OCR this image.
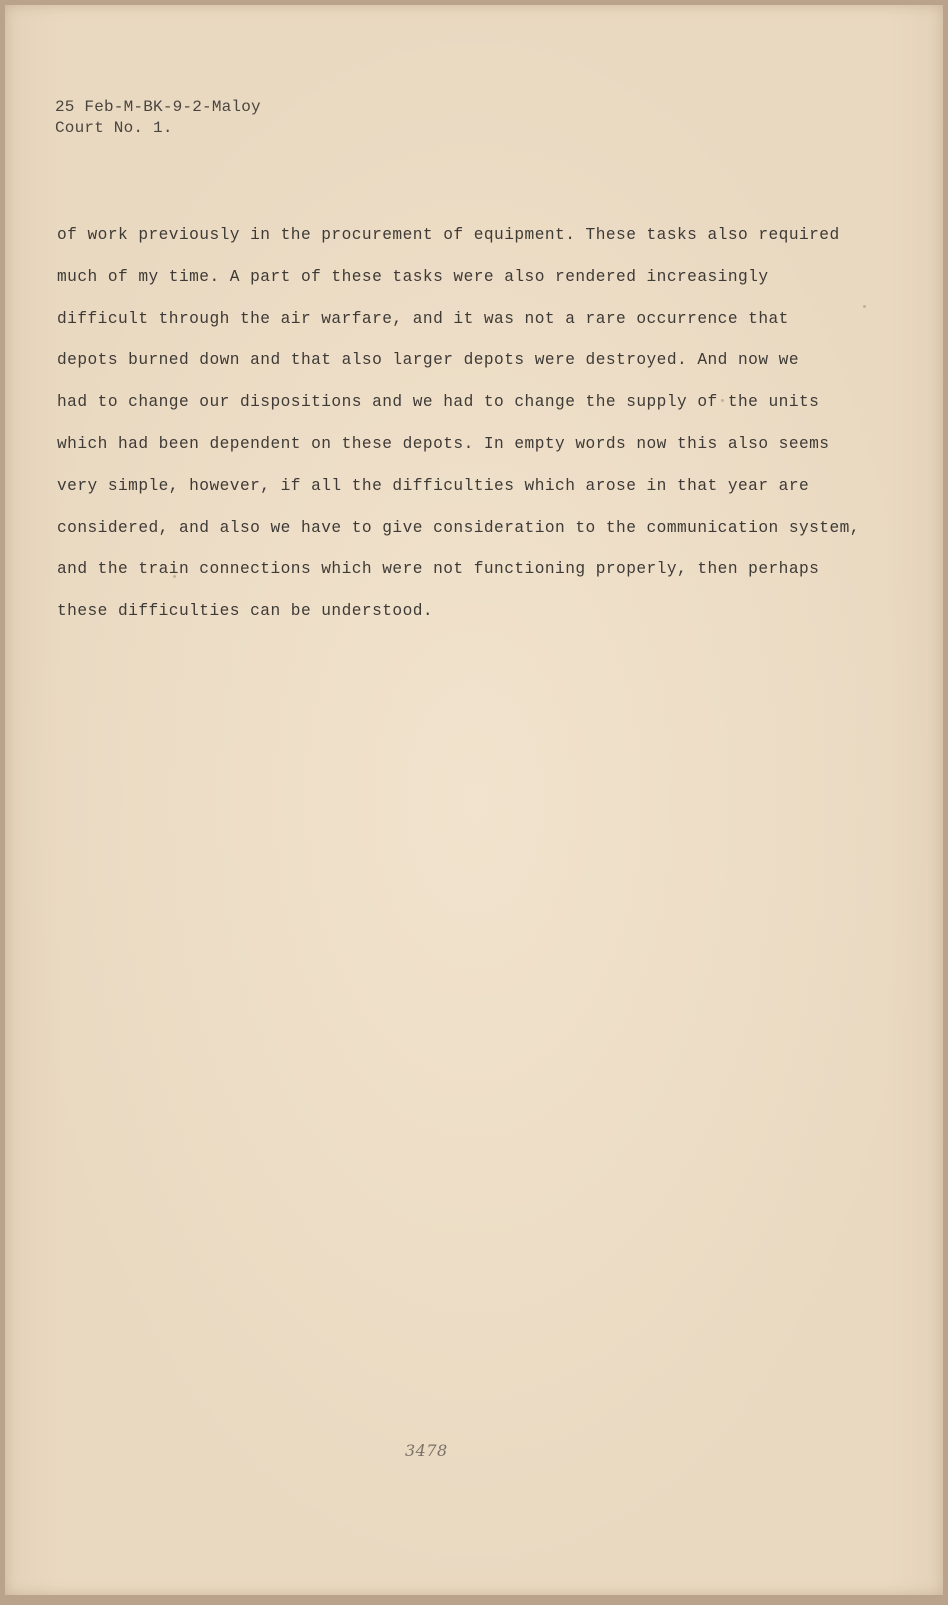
25 Feb-M-BK-9-2-Maloy
Court No. 1.
of work previously in the procurement of equipment. These tasks also required
much of my time. A part of these tasks were also rendered increasingly
difficult through the air warfare, and it was not a rare occurrence that
depots burned down and that also larger depots were destroyed. And now we
had to change our dispositions and we had to change the supply of the units
which had been dependent on these depots. In empty words now this also seems
very simple, however, if all the difficulties which arose in that year are
considered, and also we have to give consideration to the communication system,
and the train connections which were not functioning properly, then perhaps
these difficulties can be understood.
3478
